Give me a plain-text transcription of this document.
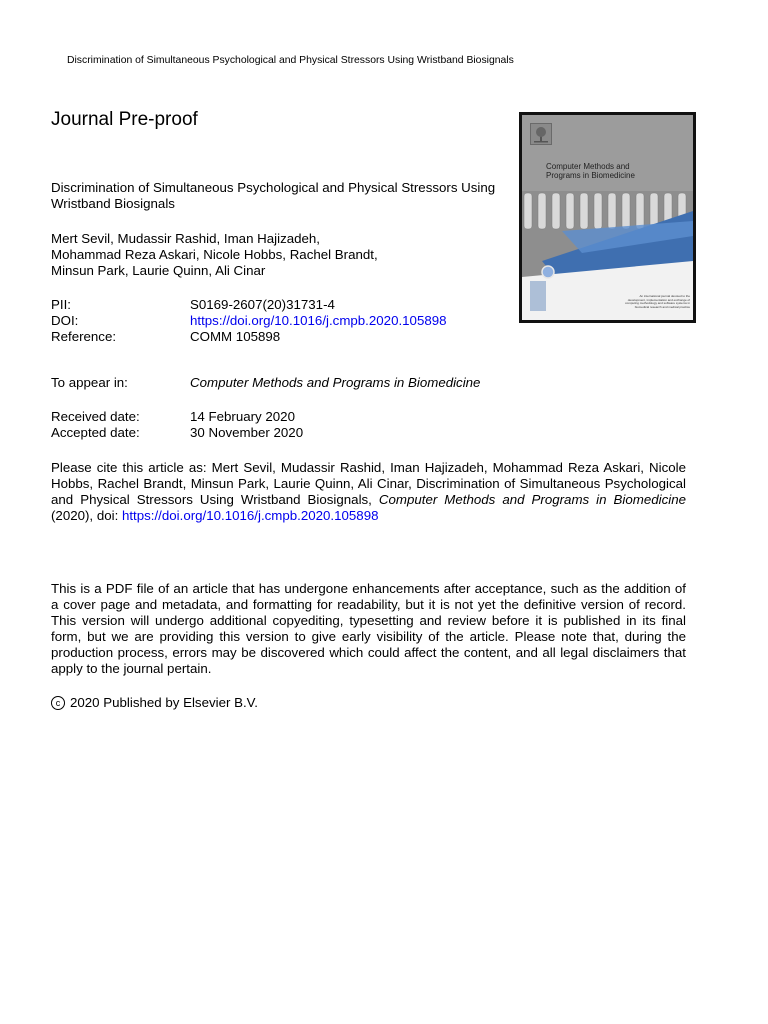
Discrimination of Simultaneous Psychological and Physical Stressors Using Wristband Biosignals
Journal Pre-proof
Discrimination of Simultaneous Psychological and Physical Stressors Using Wristband Biosignals
Mert Sevil, Mudassir Rashid, Iman Hajizadeh,
Mohammad Reza Askari, Nicole Hobbs, Rachel Brandt,
Minsun Park, Laurie Quinn, Ali Cinar
PII:	S0169-2607(20)31731-4
DOI:	https://doi.org/10.1016/j.cmpb.2020.105898
Reference:	COMM 105898
To appear in:	Computer Methods and Programs in Biomedicine
Received date:	14 February 2020
Accepted date:	30 November 2020
Please cite this article as: Mert Sevil, Mudassir Rashid, Iman Hajizadeh, Mohammad Reza Askari, Nicole Hobbs, Rachel Brandt, Minsun Park, Laurie Quinn, Ali Cinar, Discrimination of Simultaneous Psychological and Physical Stressors Using Wristband Biosignals, Computer Methods and Programs in Biomedicine (2020), doi: https://doi.org/10.1016/j.cmpb.2020.105898
This is a PDF file of an article that has undergone enhancements after acceptance, such as the addition of a cover page and metadata, and formatting for readability, but it is not yet the definitive version of record. This version will undergo additional copyediting, typesetting and review before it is published in its final form, but we are providing this version to give early visibility of the article. Please note that, during the production process, errors may be discovered which could affect the content, and all legal disclaimers that apply to the journal pertain.
c 2020 Published by Elsevier B.V.
Computer Methods and
Programs in Biomedicine
An international journal devoted to the development, implementation and exchange of computing methodology and software systems in biomedical research and medical practice
